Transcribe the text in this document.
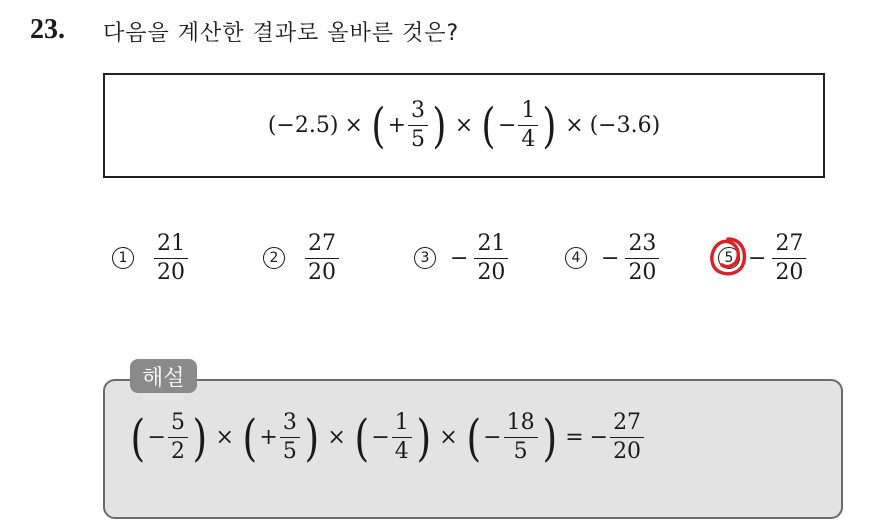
23. 다음을 계산한 결과로 올바른 것은?
(−2.5) × ( + $\frac{3}{5}$ ) × ( − $\frac{1}{4}$ ) × (−3.6)
$1 \frac{21}{20}$	$2 \frac{27}{20}$	$3 - \frac{21}{20}$	$4 - \frac{23}{20}$	$5 - \frac{27}{20}$
해설
( − $\frac{5}{2}$ ) × ( + $\frac{3}{5}$ ) × ( − $\frac{1}{4}$ ) × ( − $\frac{18}{5}$ ) = − $\frac{27}{20}$
